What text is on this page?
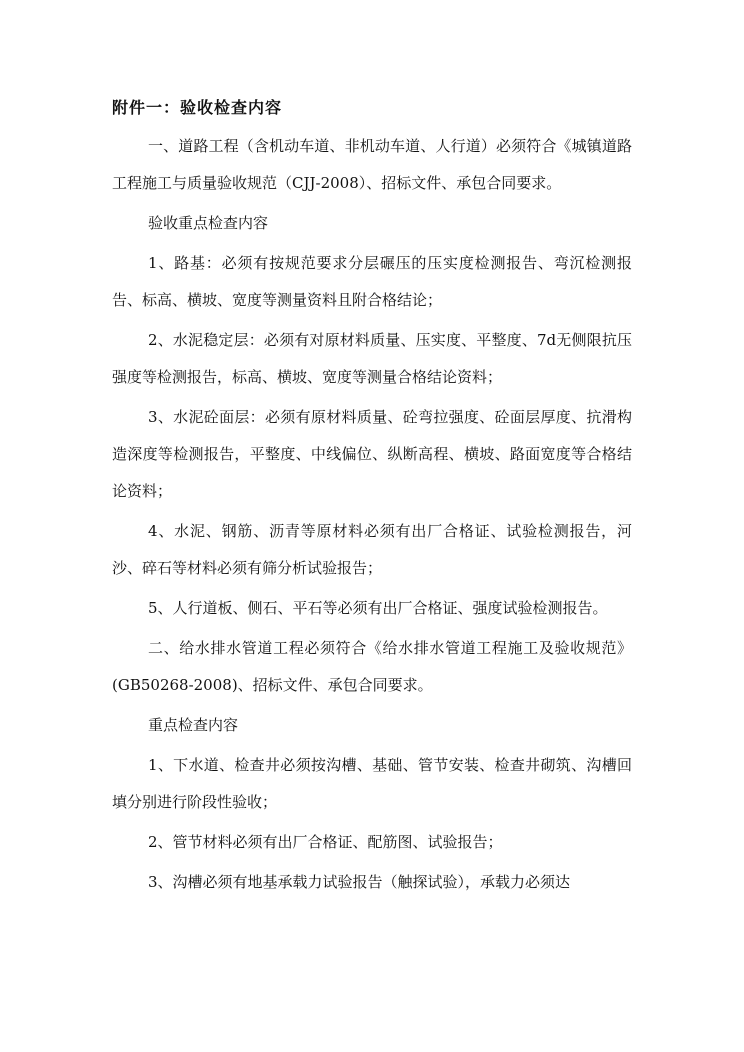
附件一：验收检查内容

一、道路工程（含机动车道、非机动车道、人行道）必须符合《城镇道路工程施工与质量验收规范（CJJ-2008）、招标文件、承包合同要求。

验收重点检查内容

1、路基：必须有按规范要求分层碾压的压实度检测报告、弯沉检测报告、标高、横坡、宽度等测量资料且附合格结论；

2、水泥稳定层：必须有对原材料质量、压实度、平整度、7d无侧限抗压强度等检测报告，标高、横坡、宽度等测量合格结论资料；

3、水泥砼面层：必须有原材料质量、砼弯拉强度、砼面层厚度、抗滑构造深度等检测报告，平整度、中线偏位、纵断高程、横坡、路面宽度等合格结论资料；

4、水泥、钢筋、沥青等原材料必须有出厂合格证、试验检测报告，河沙、碎石等材料必须有筛分析试验报告；

5、人行道板、侧石、平石等必须有出厂合格证、强度试验检测报告。

二、给水排水管道工程必须符合《给水排水管道工程施工及验收规范》(GB50268-2008)、招标文件、承包合同要求。

重点检查内容

1、下水道、检查井必须按沟槽、基础、管节安装、检查井砌筑、沟槽回填分别进行阶段性验收；

2、管节材料必须有出厂合格证、配筋图、试验报告；

3、沟槽必须有地基承载力试验报告（触探试验），承载力必须达
